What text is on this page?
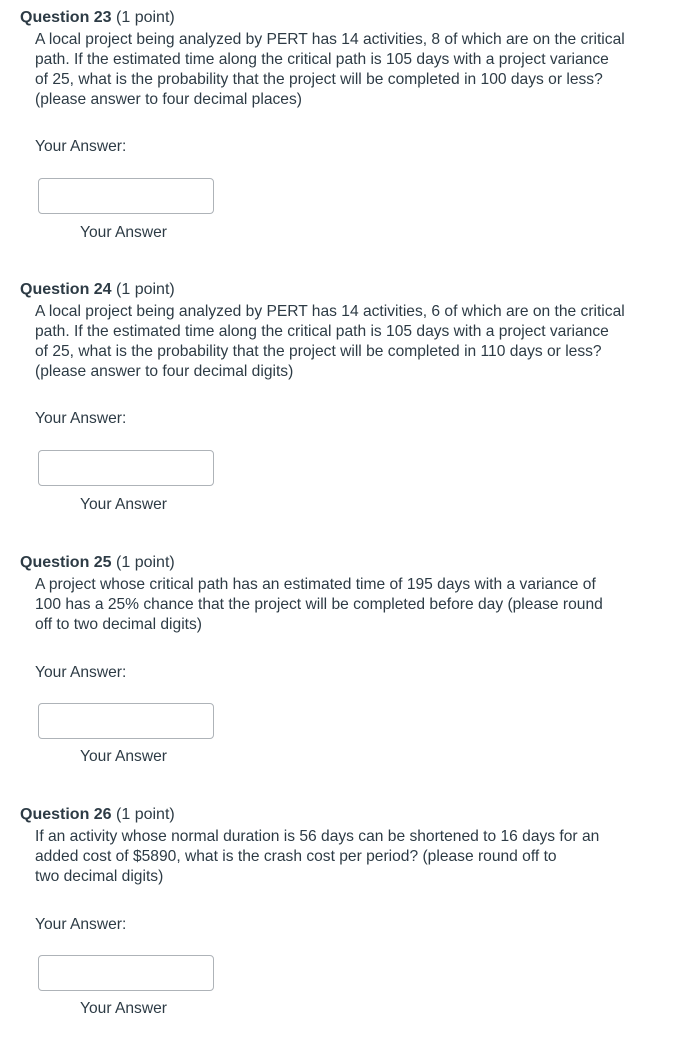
Question 23 (1 point)
A local project being analyzed by PERT has 14 activities, 8 of which are on the critical
path. If the estimated time along the critical path is 105 days with a project variance
of 25, what is the probability that the project will be completed in 100 days or less?
(please answer to four decimal places)
Your Answer:
Your Answer
Question 24 (1 point)
A local project being analyzed by PERT has 14 activities, 6 of which are on the critical
path. If the estimated time along the critical path is 105 days with a project variance
of 25, what is the probability that the project will be completed in 110 days or less?
(please answer to four decimal digits)
Your Answer:
Your Answer
Question 25 (1 point)
A project whose critical path has an estimated time of 195 days with a variance of
100 has a 25% chance that the project will be completed before day (please round
off to two decimal digits)
Your Answer:
Your Answer
Question 26 (1 point)
If an activity whose normal duration is 56 days can be shortened to 16 days for an
added cost of $5890, what is the crash cost per period? (please round off to
two decimal digits)
Your Answer:
Your Answer
